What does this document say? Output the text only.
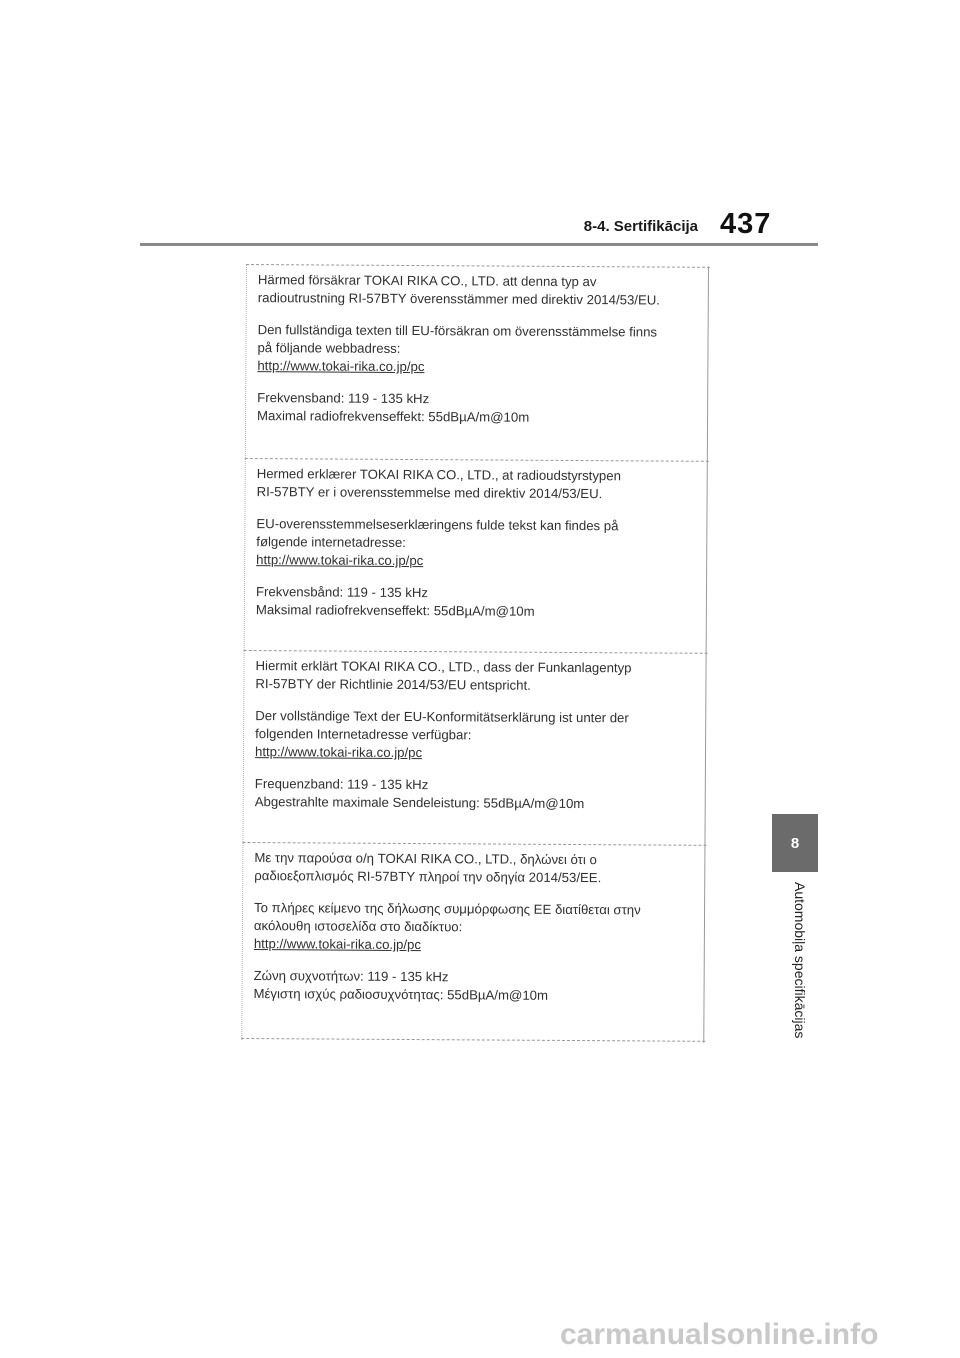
8-4. Sertifikācija 437
8
Automobiļa specifikācijas

Härmed försäkrar TOKAI RIKA CO., LTD. att denna typ av
radioutrustning RI-57BTY överensstämmer med direktiv 2014/53/EU.

Den fullständiga texten till EU-försäkran om överensstämmelse finns
på följande webbadress:
http://www.tokai-rika.co.jp/pc

Frekvensband: 119 - 135 kHz
Maximal radiofrekvenseffekt: 55dBµA/m@10m

Hermed erklærer TOKAI RIKA CO., LTD., at radioudstyrstypen
RI-57BTY er i overensstemmelse med direktiv 2014/53/EU.

EU-overensstemmelseserklæringens fulde tekst kan findes på
følgende internetadresse:
http://www.tokai-rika.co.jp/pc

Frekvensbånd: 119 - 135 kHz
Maksimal radiofrekvenseffekt: 55dBµA/m@10m

Hiermit erklärt TOKAI RIKA CO., LTD., dass der Funkanlagentyp
RI-57BTY der Richtlinie 2014/53/EU entspricht.

Der vollständige Text der EU-Konformitätserklärung ist unter der
folgenden Internetadresse verfügbar:
http://www.tokai-rika.co.jp/pc

Frequenzband: 119 - 135 kHz
Abgestrahlte maximale Sendeleistung: 55dBµA/m@10m

Με την παρούσα ο/η TOKAI RIKA CO., LTD., δηλώνει ότι ο
ραδιοεξοπλισμός RI-57BTY πληροί την οδηγία 2014/53/ΕΕ.

Το πλήρες κείμενο της δήλωσης συμμόρφωσης ΕΕ διατίθεται στην
ακόλουθη ιστοσελίδα στο διαδίκτυο:
http://www.tokai-rika.co.jp/pc

Ζώνη συχνοτήτων: 119 - 135 kHz
Μέγιστη ισχύς ραδιοσυχνότητας: 55dBµA/m@10m

carmanualsonline.info
